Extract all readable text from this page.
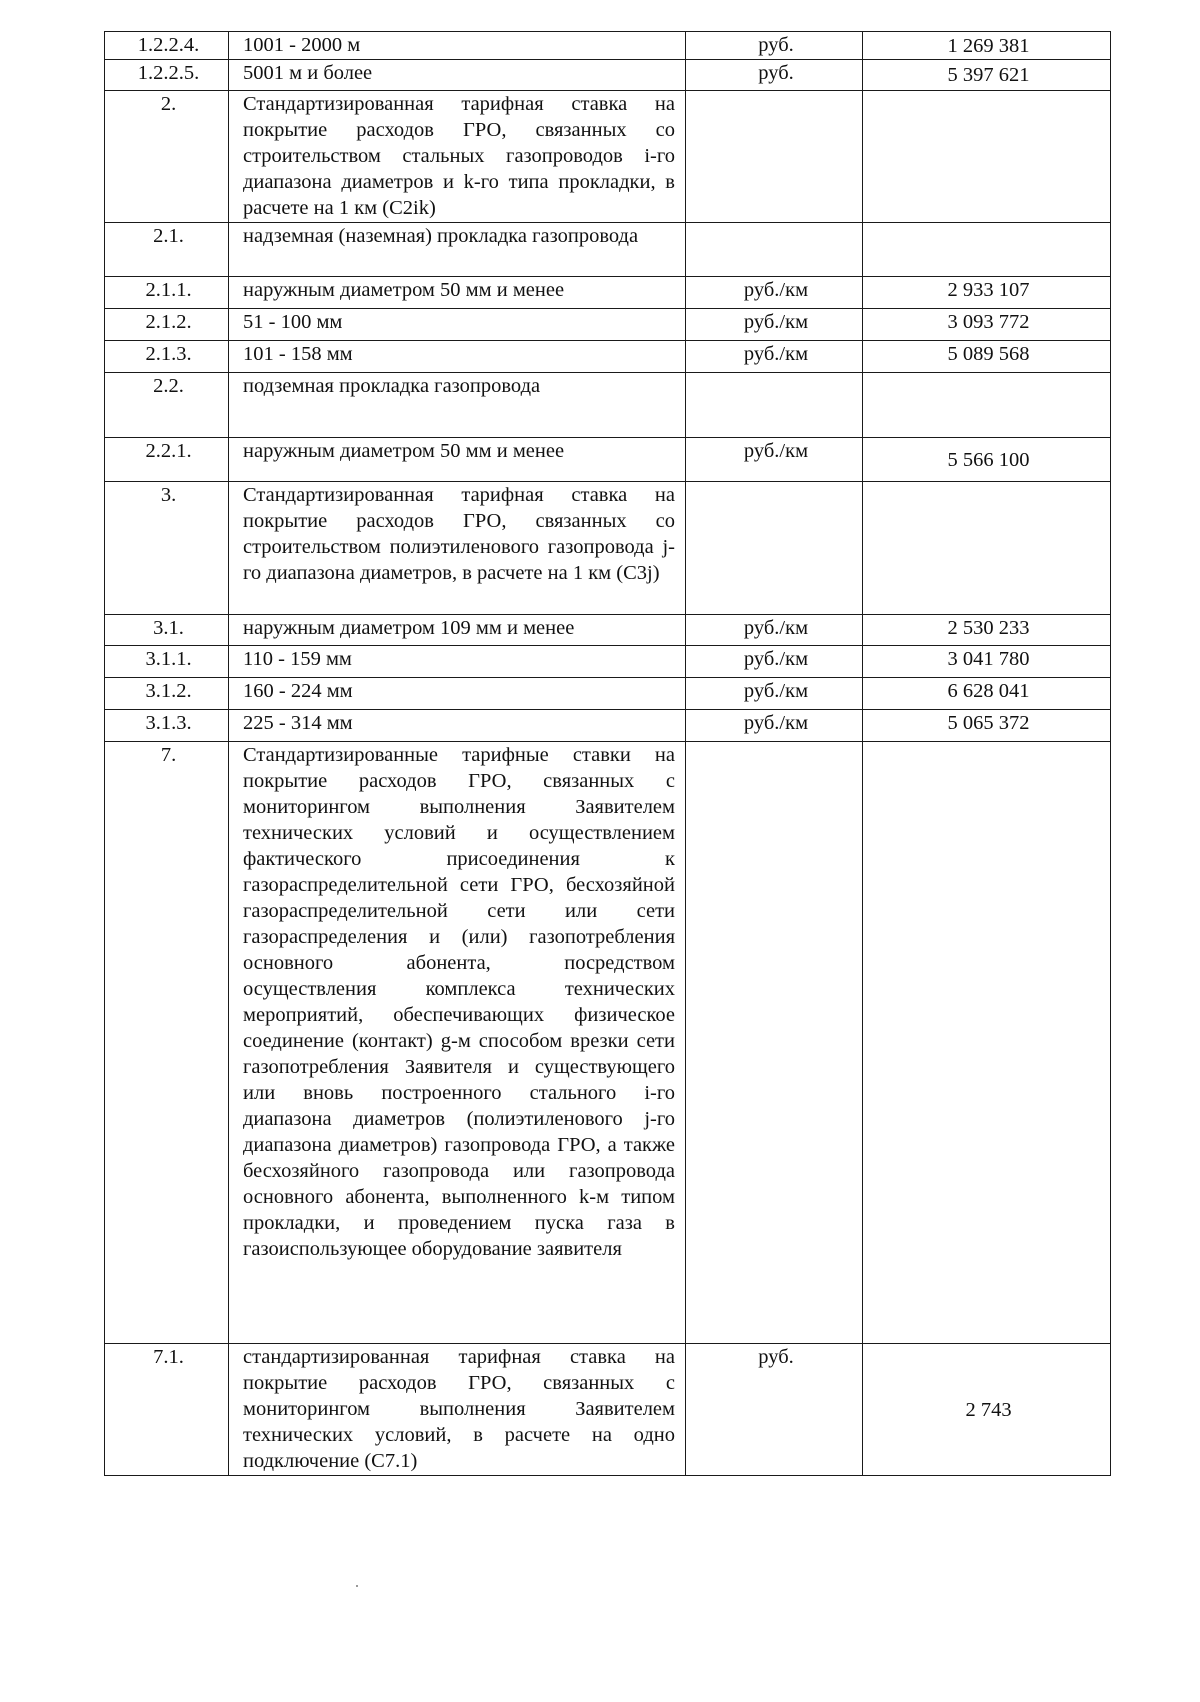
1.2.2.4.	1001 - 2000 м	руб.	1 269 381
1.2.2.5.	5001 м и более	руб.	5 397 621
2.	Стандартизированная тарифная ставка на покрытие расходов ГРО, связанных со строительством стальных газопроводов i-го диапазона диаметров и k-го типа прокладки, в расчете на 1 км (С2ik)		
2.1.	надземная (наземная) прокладка газопровода		
2.1.1.	наружным диаметром 50 мм и менее	руб./км	2 933 107
2.1.2.	51 - 100 мм	руб./км	3 093 772
2.1.3.	101 - 158 мм	руб./км	5 089 568
2.2.	подземная прокладка газопровода		
2.2.1.	наружным диаметром 50 мм и менее	руб./км	5 566 100
3.	Стандартизированная тарифная ставка на покрытие расходов ГРО, связанных со строительством полиэтиленового газопровода j-го диапазона диаметров, в расчете на 1 км (С3j)		
3.1.	наружным диаметром 109 мм и менее	руб./км	2 530 233
3.1.1.	110 - 159 мм	руб./км	3 041 780
3.1.2.	160 - 224 мм	руб./км	6 628 041
3.1.3.	225 - 314 мм	руб./км	5 065 372
7.	Стандартизированные тарифные ставки на покрытие расходов ГРО, связанных с мониторингом выполнения Заявителем технических условий и осуществлением фактического присоединения к газораспределительной сети ГРО, бесхозяйной газораспределительной сети или сети газораспределения и (или) газопотребления основного абонента, посредством осуществления комплекса технических мероприятий, обеспечивающих физическое соединение (контакт) g-м способом врезки сети газопотребления Заявителя и существующего или вновь построенного стального i-го диапазона диаметров (полиэтиленового j-го диапазона диаметров) газопровода ГРО, а также бесхозяйного газопровода или газопровода основного абонента, выполненного k-м типом прокладки, и проведением пуска газа в газоиспользующее оборудование заявителя		
7.1.	стандартизированная тарифная ставка на покрытие расходов ГРО, связанных с мониторингом выполнения Заявителем технических условий, в расчете на одно подключение (С7.1)	руб.	2 743
